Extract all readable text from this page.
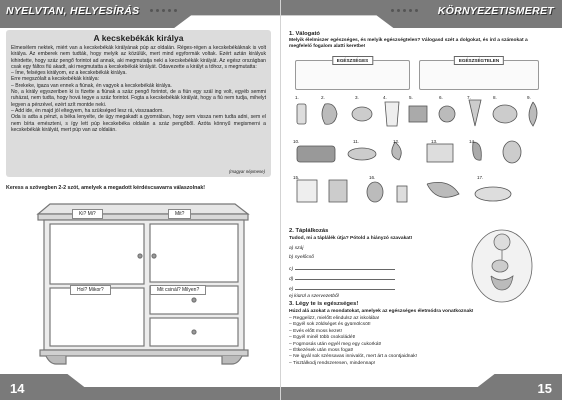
NYELVTAN, HELYESÍRÁS
A kecskebékák királya

Elmesélem nektek, miért van a kecskebékák királyának púp az oldalán. Réges-régen a kecskebékáknak is volt királya. Az emberek nem tudták, hogy melyik az közülük, mert mind egyformák voltak. Ezért aztán királyuk kihirdette, hogy száz pengő forintot ad annak, aki megmutatja neki a kecskebékák királyát. Az egész országban csak egy fáltos fiú akadt, aki megmutatta a kecskebékák királyát. Odavezette a királyt a tóhoz, s megmutatta:

– Íme, felséges királyom, ez a kecskebékák királya.

Erre megszólalt a kecskebékák királya:

– Brekeke, igaza van ennek a fiúnak, én vagyok a kecskebékák királya.

No, a király egyszeriben ki is fizette a fiúnak a száz pengő forintot, de a fiún egy szál ing volt, egyéb semmi ruházat, nem tudta, hogy hová tegye a száz forintot. Fogta a kecskebékák királyát, hogy a fiú nem tudja, mihelyt legyen a pénzével, ezért szít montde neki.

– Add ide, én majd jól eltegyem, ha szükséged lesz rá, visszaadom.

Oda is adta a pénzt, a béka lenyelte, de úgy megakadt a gyomrában, hogy sem vissza nem tudta adni, sem el nem bírta emészteni, s így lett púp kecskebéka oldalán a száz pengőből. Azóta könnyű megismerni a kecskebékák királyát, mert púp van az oldalán.

(magyar népmese)
Keress a szövegben 2-2 szót, amelyek a megadott kérdéscsavarra válaszolnak!
Ki? Mi?	Mit?
Hol? Mikor?	Mit csinál? Milyen?
14
KÖRNYEZETISMERET
1. Válogató
Melyik élelmiszer egészséges, és melyik egészségtelen? Válogasd szét a dolgokat, és írd a számokat a megfelelő fogalom alatti keretbe!
EGÉSZSÉGES	EGÉSZSÉGTELEN
1.	2.	3.	4.	5.	6.	7.	8.	9.
10.	11.	12.	13.	14.
15.	16.	17.
2. Táplálkozás
Tudod, mi a táplálék útja? Pótold a hiányzó szavakat!
a) száj
b) nyelőcső
c)
d)
e)
ej kiürül a szervezetből
3. Légy te is egészséges!
Húzd alá azokat a mondatokat, amelyek az egészséges életmódra vonatkoznak!
– Reggelizz, mielőtt elindulsz az iskolába!
– Egyél sok zöldséget és gyümölcsöt!
– Evés előtt moss kezet!
– Egyél minél több csokoládét!
– Fogmosás után egyél meg egy cukorkát!
– Étkezések után moss fogat!
– Ne igyál sok szénsavas innivalót, mert árt a csontjaidnak!
– Tisztálkodj rendszeresen, mindennap!
15
